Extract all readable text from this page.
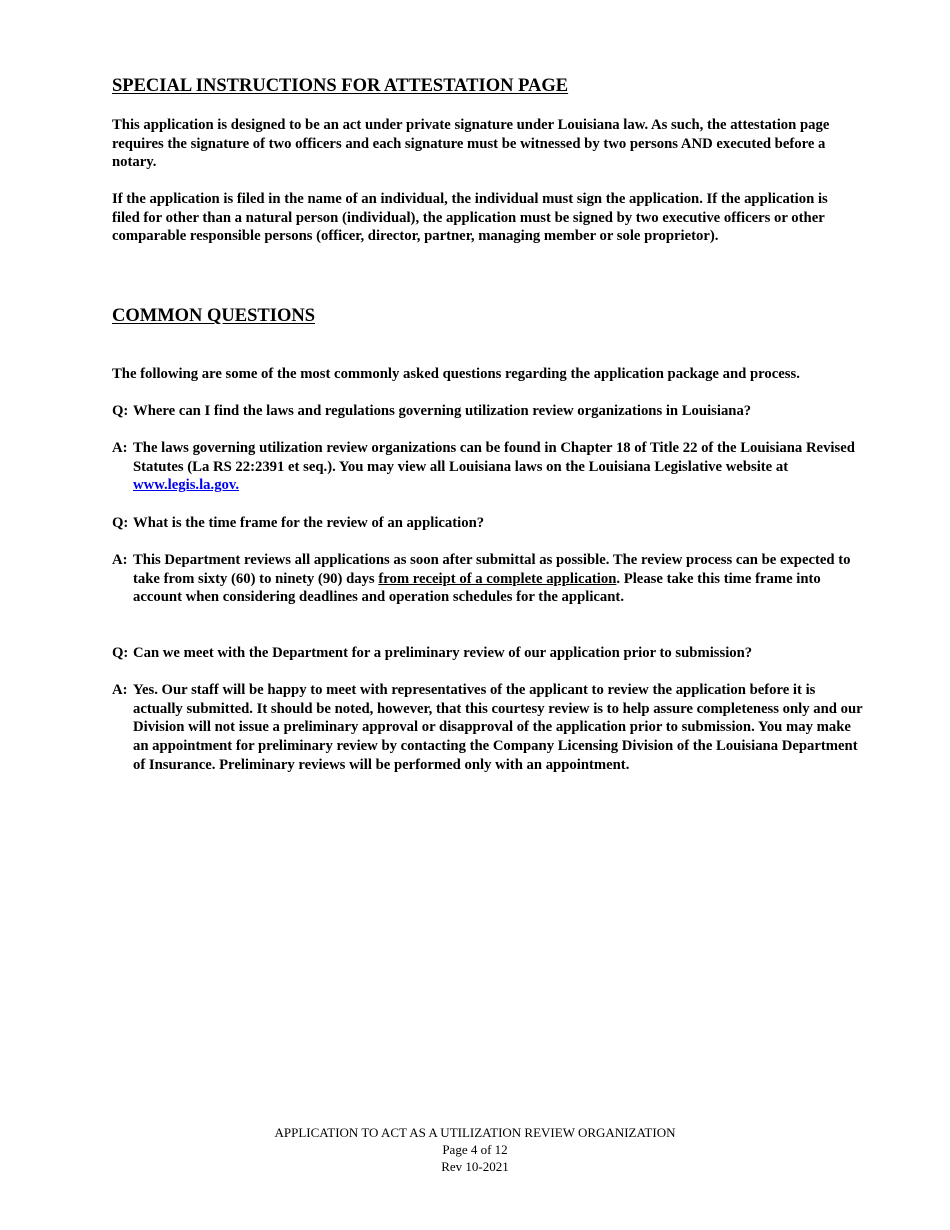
SPECIAL INSTRUCTIONS FOR ATTESTATION PAGE

This application is designed to be an act under private signature under Louisiana law. As such, the attestation page requires the signature of two officers and each signature must be witnessed by two persons AND executed before a notary.

If the application is filed in the name of an individual, the individual must sign the application. If the application is filed for other than a natural person (individual), the application must be signed by two executive officers or other comparable responsible persons (officer, director, partner, managing member or sole proprietor).

COMMON QUESTIONS

The following are some of the most commonly asked questions regarding the application package and process.

Q: Where can I find the laws and regulations governing utilization review organizations in Louisiana?

A: The laws governing utilization review organizations can be found in Chapter 18 of Title 22 of the Louisiana Revised Statutes (La RS 22:2391 et seq.). You may view all Louisiana laws on the Louisiana Legislative website at www.legis.la.gov.

Q: What is the time frame for the review of an application?

A: This Department reviews all applications as soon after submittal as possible. The review process can be expected to take from sixty (60) to ninety (90) days from receipt of a complete application. Please take this time frame into account when considering deadlines and operation schedules for the applicant.

Q: Can we meet with the Department for a preliminary review of our application prior to submission?

A: Yes. Our staff will be happy to meet with representatives of the applicant to review the application before it is actually submitted. It should be noted, however, that this courtesy review is to help assure completeness only and our Division will not issue a preliminary approval or disapproval of the application prior to submission. You may make an appointment for preliminary review by contacting the Company Licensing Division of the Louisiana Department of Insurance. Preliminary reviews will be performed only with an appointment.

APPLICATION TO ACT AS A UTILIZATION REVIEW ORGANIZATION
Page 4 of 12
Rev 10-2021
